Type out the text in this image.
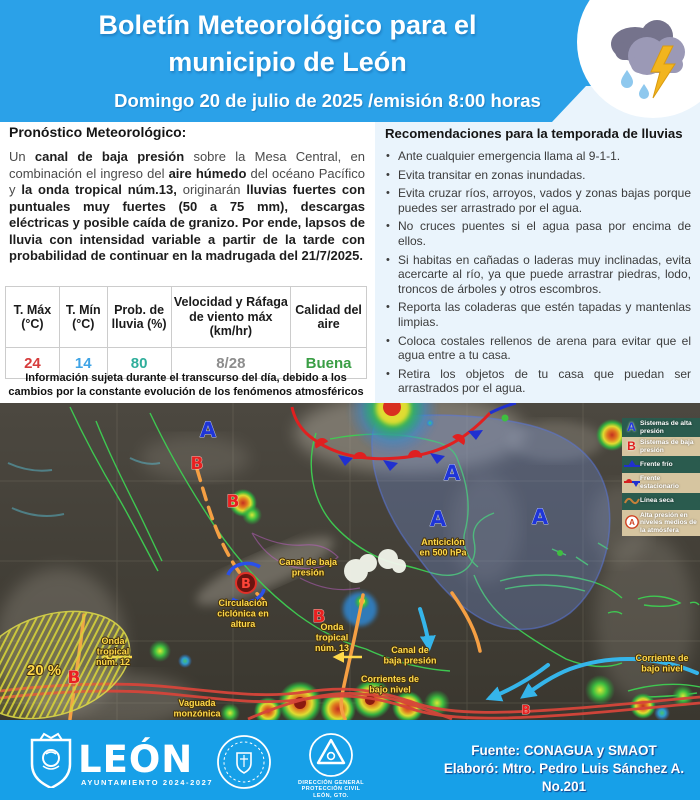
Boletín Meteorológico para el
municipio de León
Domingo 20 de julio de 2025 /emisión 8:00 horas
Pronóstico Meteorológico:
Un canal de baja presión sobre la Mesa Central, en combinación el ingreso del aire húmedo del océano Pacífico y la onda tropical núm.13, originarán lluvias fuertes con puntuales muy fuertes (50 a 75 mm), descargas eléctricas y posible caída de granizo. Por ende, lapsos de lluvia con intensidad variable a partir de la tarde con probabilidad de continuar en la madrugada del 21/7/2025.
Recomendaciones para la temporada de lluvias
• Ante cualquier emergencia llama al 9-1-1.
• Evita transitar en zonas inundadas.
• Evita cruzar ríos, arroyos, vados y zonas bajas porque puedes ser arrastrado por el agua.
• No cruces puentes si el agua pasa por encima de ellos.
• Si habitas en cañadas o laderas muy inclinadas, evita acercarte al río, ya que puede arrastrar piedras, lodo, troncos de árboles y otros escombros.
• Reporta las coladeras que estén tapadas y mantenlas limpias.
• Coloca costales rellenos de arena para evitar que el agua entre a tu casa.
• Retira los objetos de tu casa que puedan ser arrastrados por el agua.
T. Máx (°C)	T. Mín (°C)	Prob. de lluvia (%)	Velocidad y Ráfaga de viento máx (km/hr)	Calidad del aire
24	14	80	8/28	Buena
Información sujeta durante el transcurso del día, debido a los cambios por la constante evolución de los fenómenos atmosféricos
A
A
A	A
B
B
B
B
B
B
Circulación ciclónica en altura
Onda tropical núm. 12
Onda tropical núm. 13
Canal de baja presión
Canal de baja presión
Corrientes de bajo nivel
Vaguada monzónica
Corriente de bajo nivel
Anticiclón en 500 hPa
20 %
A Sistemas de alta presión
B Sistemas de baja presión
Frente frío
Frente estacionario
Línea seca
A
Alta presión en niveles medios de la atmósfera
LEÓN
AYUNTAMIENTO 2024-2027	DIRECCIÓN GENERAL
PROTECCIÓN CIVIL
LEÓN, GTO.
Fuente: CONAGUA y SMAOT
Elaboró: Mtro. Pedro Luis Sánchez A.
No.201
